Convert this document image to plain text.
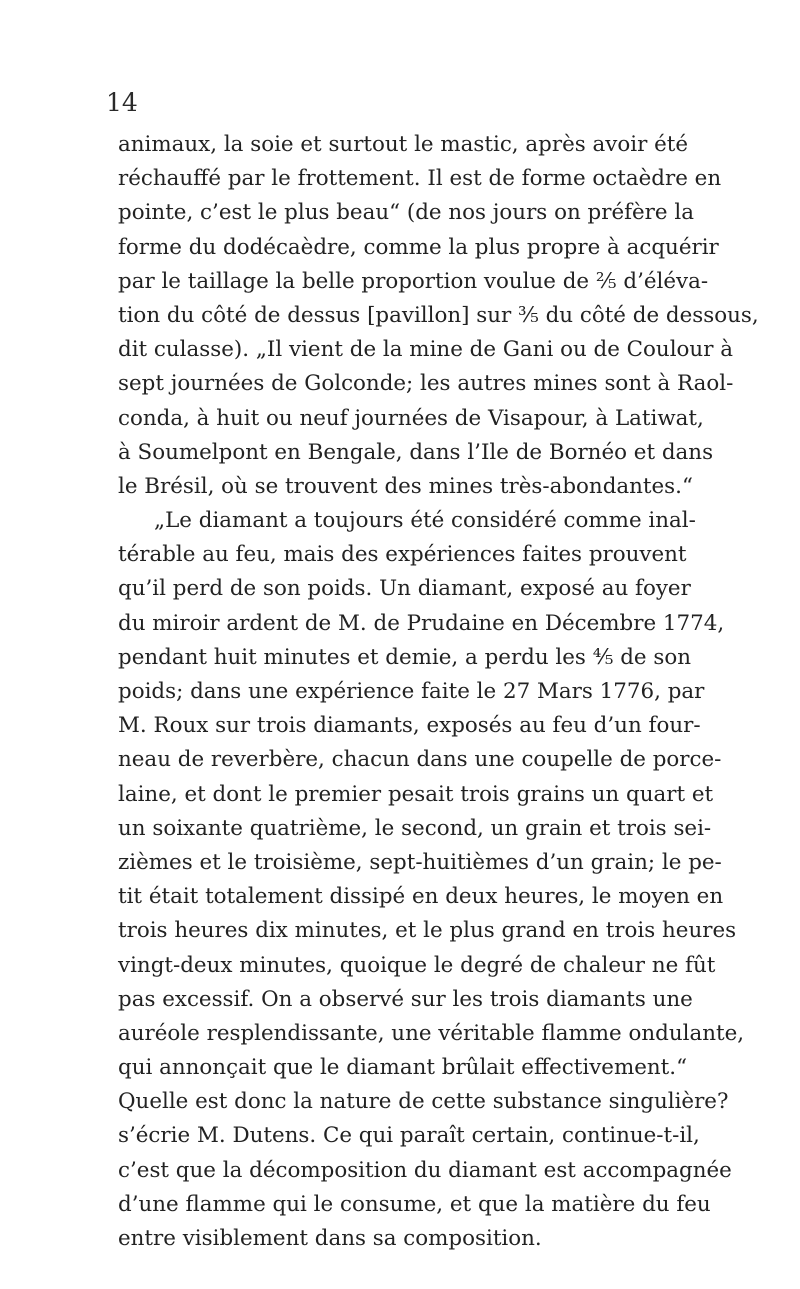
14
animaux, la soie et surtout le mastic, après avoir été
réchauffé par le frottement. Il est de forme octaèdre en
pointe, c’est le plus beau“ (de nos jours on préfère la
forme du dodécaèdre, comme la plus propre à acquérir
par le taillage la belle proportion voulue de ²⁄₅ d’éléva-
tion du côté de dessus [pavillon] sur ³⁄₅ du côté de dessous,
dit culasse). „Il vient de la mine de Gani ou de Coulour à
sept journées de Golconde; les autres mines sont à Raol-
conda, à huit ou neuf journées de Visapour, à Latiwat,
à Soumelpont en Bengale, dans l’Ile de Bornéo et dans
le Brésil, où se trouvent des mines très-abondantes.“
„Le diamant a toujours été considéré comme inal-
térable au feu, mais des expériences faites prouvent
qu’il perd de son poids. Un diamant, exposé au foyer
du miroir ardent de M. de Prudaine en Décembre 1774,
pendant huit minutes et demie, a perdu les ⁴⁄₅ de son
poids; dans une expérience faite le 27 Mars 1776, par
M. Roux sur trois diamants, exposés au feu d’un four-
neau de reverbère, chacun dans une coupelle de porce-
laine, et dont le premier pesait trois grains un quart et
un soixante quatrième, le second, un grain et trois sei-
zièmes et le troisième, sept-huitièmes d’un grain; le pe-
tit était totalement dissipé en deux heures, le moyen en
trois heures dix minutes, et le plus grand en trois heures
vingt-deux minutes, quoique le degré de chaleur ne fût
pas excessif. On a observé sur les trois diamants une
auréole resplendissante, une véritable flamme ondulante,
qui annonçait que le diamant brûlait effectivement.“
Quelle est donc la nature de cette substance singulière?
s’écrie M. Dutens. Ce qui paraît certain, continue-t-il,
c’est que la décomposition du diamant est accompagnée
d’une flamme qui le consume, et que la matière du feu
entre visiblement dans sa composition.
